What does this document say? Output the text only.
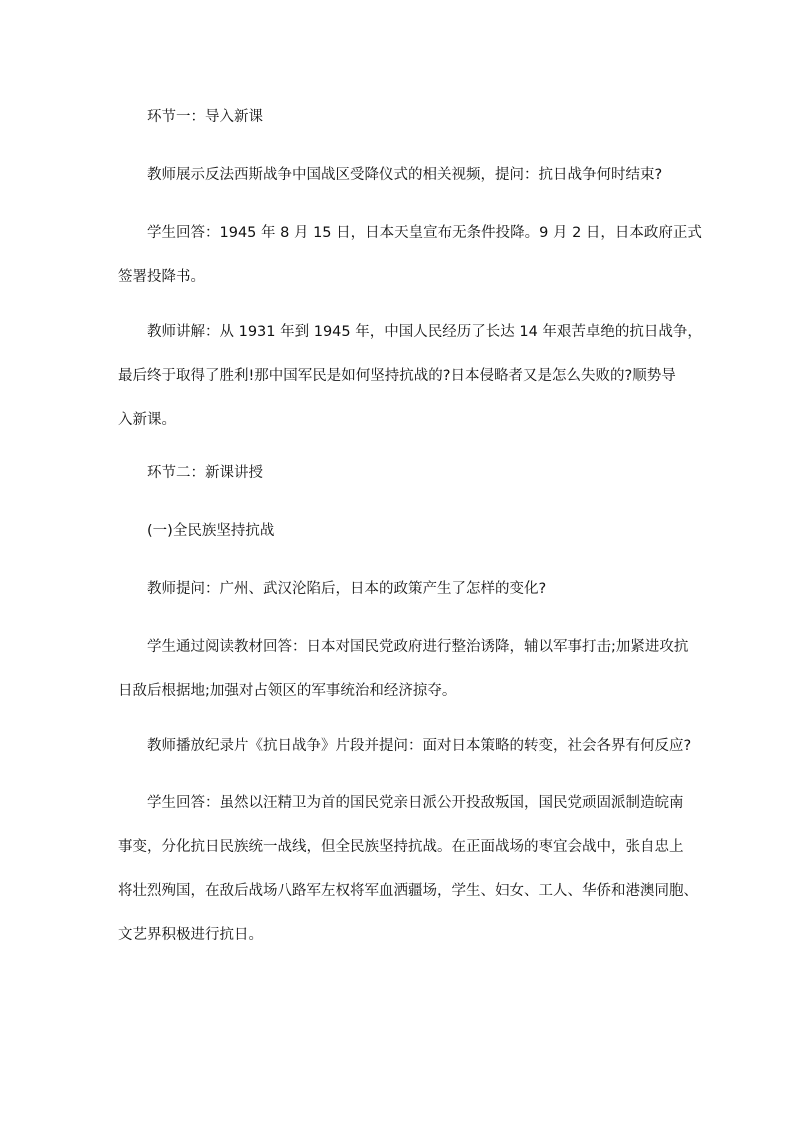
环节一：导入新课

教师展示反法西斯战争中国战区受降仪式的相关视频，提问：抗日战争何时结束?

学生回答：1945 年 8 月 15 日，日本天皇宣布无条件投降。9 月 2 日，日本政府正式
签署投降书。

教师讲解：从 1931 年到 1945 年，中国人民经历了长达 14 年艰苦卓绝的抗日战争，
最后终于取得了胜利!那中国军民是如何坚持抗战的?日本侵略者又是怎么失败的?顺势导
入新课。

环节二：新课讲授

(一)全民族坚持抗战

教师提问：广州、武汉沦陷后，日本的政策产生了怎样的变化?

学生通过阅读教材回答：日本对国民党政府进行整治诱降，辅以军事打击;加紧进攻抗
日敌后根据地;加强对占领区的军事统治和经济掠夺。

教师播放纪录片《抗日战争》片段并提问：面对日本策略的转变，社会各界有何反应?

学生回答：虽然以汪精卫为首的国民党亲日派公开投敌叛国，国民党顽固派制造皖南
事变，分化抗日民族统一战线，但全民族坚持抗战。在正面战场的枣宜会战中，张自忠上
将壮烈殉国，在敌后战场八路军左权将军血洒疆场，学生、妇女、工人、华侨和港澳同胞、
文艺界积极进行抗日。
